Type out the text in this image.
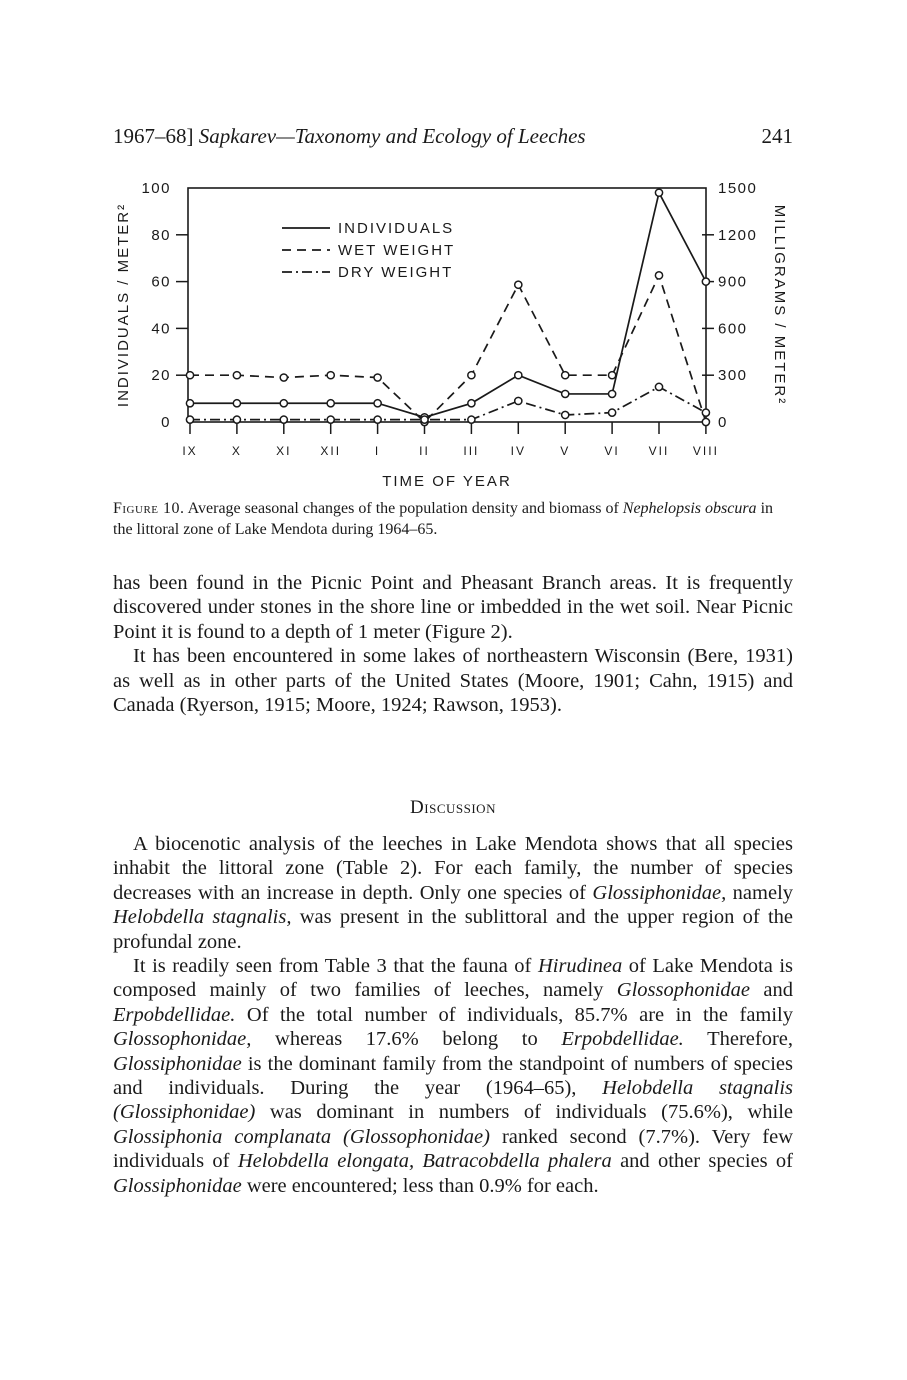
1967–68] Sapkarev—Taxonomy and Ecology of Leeches	241
0
20
40
60
80
100
0
300
600
900
1200
1500
IX	X	XI XII	I	II	III	IV	V	VI VII VIII
TIME OF YEAR
INDIVIDUALS / METER²	MILLIGRAMS / METER²
INDIVIDUALS
WET WEIGHT
DRY WEIGHT
Figure 10. Average seasonal changes of the population density and biomass of Nephelopsis obscura in the littoral zone of Lake Mendota during 1964–65.

has been found in the Picnic Point and Pheasant Branch areas. It is frequently discovered under stones in the shore line or imbedded in the wet soil. Near Picnic Point it is found to a depth of 1 meter (Figure 2).

It has been encountered in some lakes of northeastern Wisconsin (Bere, 1931) as well as in other parts of the United States (Moore, 1901; Cahn, 1915) and Canada (Ryerson, 1915; Moore, 1924; Rawson, 1953).

Discussion

A biocenotic analysis of the leeches in Lake Mendota shows that all species inhabit the littoral zone (Table 2). For each family, the number of species decreases with an increase in depth. Only one species of Glossiphonidae, namely Helobdella stagnalis, was present in the sublittoral and the upper region of the profundal zone.

It is readily seen from Table 3 that the fauna of Hirudinea of Lake Mendota is composed mainly of two families of leeches, namely Glossophonidae and Erpobdellidae. Of the total number of individuals, 85.7% are in the family Glossophonidae, whereas 17.6% belong to Erpobdellidae. Therefore, Glossiphonidae is the dominant family from the standpoint of numbers of species and individuals. During the year (1964–65), Helobdella stagnalis (Glossiphonidae) was dominant in numbers of individuals (75.6%), while Glossiphonia complanata (Glossophonidae) ranked second (7.7%). Very few individuals of Helobdella elongata, Batracobdella phalera and other species of Glossiphonidae were encountered; less than 0.9% for each.
